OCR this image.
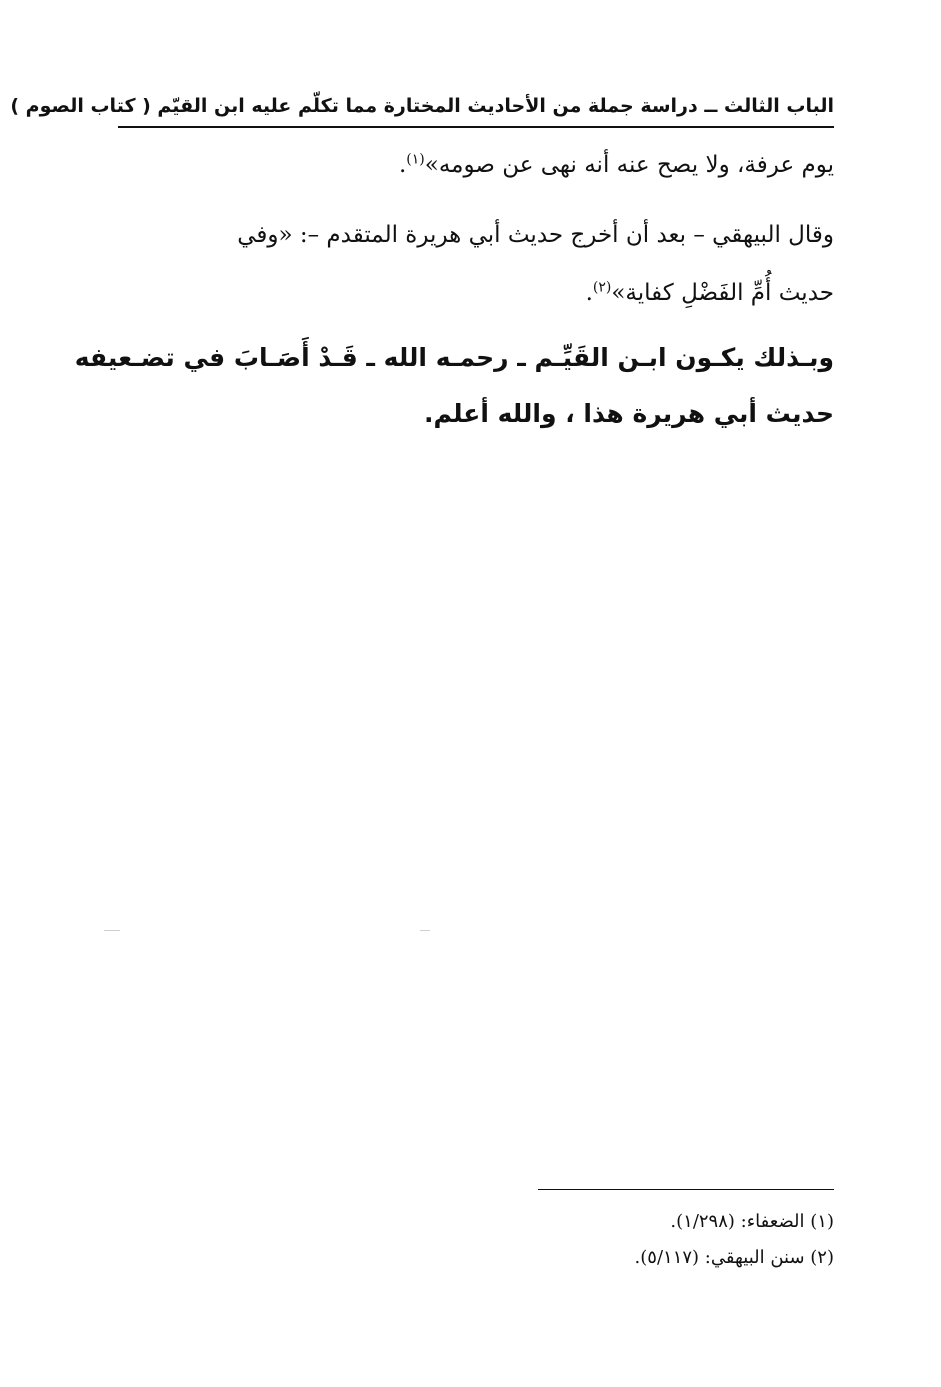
الباب الثالث ــ دراسة جملة من الأحاديث المختارة مما تكلّم عليه ابن القيّم ( كتاب الصوم )
يوم عرفة، ولا يصح عنه أنه نهى عن صومه»$^{(١)}$.
وقال البيهقي – بعد أن أخرج حديث أبي هريرة المتقدم –: «وفي
حديث أُمِّ الفَضْلِ كفاية»$^{(٢)}$.
وبـذلك يكـون ابـن القَيِّـم ـ رحمـه الله ـ قَـدْ أَصَـابَ في تضـعيفه
حديث أبي هريرة هذا ، والله أعلم.
(١) الضعفاء: (١/٢٩٨).
(٢) سنن البيهقي: (٥/١١٧).
